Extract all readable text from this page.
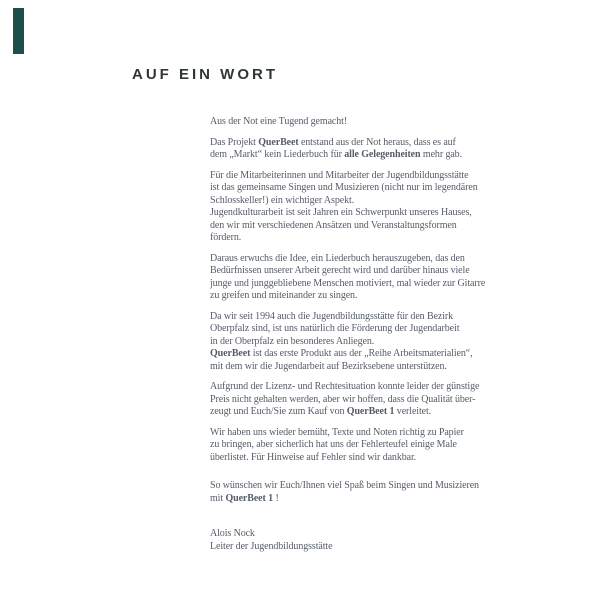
AUF EIN WORT
Aus der Not eine Tugend gemacht!
Das Projekt QuerBeet entstand aus der Not heraus, dass es auf
dem „Markt“ kein Liederbuch für alle Gelegenheiten mehr gab.
Für die Mitarbeiterinnen und Mitarbeiter der Jugendbildungsstätte
ist das gemeinsame Singen und Musizieren (nicht nur im legendären
Schlosskeller!) ein wichtiger Aspekt.
Jugendkulturarbeit ist seit Jahren ein Schwerpunkt unseres Hauses,
den wir mit verschiedenen Ansätzen und Veranstaltungsformen
fördern.
Daraus erwuchs die Idee, ein Liederbuch herauszugeben, das den
Bedürfnissen unserer Arbeit gerecht wird und darüber hinaus viele
junge und junggebliebene Menschen motiviert, mal wieder zur Gitarre
zu greifen und miteinander zu singen.
Da wir seit 1994 auch die Jugendbildungsstätte für den Bezirk
Oberpfalz sind, ist uns natürlich die Förderung der Jugendarbeit
in der Oberpfalz ein besonderes Anliegen.
QuerBeet ist das erste Produkt aus der „Reihe Arbeitsmaterialien“,
mit dem wir die Jugendarbeit auf Bezirksebene unterstützen.
Aufgrund der Lizenz- und Rechtesituation konnte leider der günstige
Preis nicht gehalten werden, aber wir hoffen, dass die Qualität über-
zeugt und Euch/Sie zum Kauf von QuerBeet 1 verleitet.
Wir haben uns wieder bemüht, Texte und Noten richtig zu Papier
zu bringen, aber sicherlich hat uns der Fehlerteufel einige Male
überlistet. Für Hinweise auf Fehler sind wir dankbar.
So wünschen wir Euch/Ihnen viel Spaß beim Singen und Musizieren
mit QuerBeet 1 !
Alois Nock
Leiter der Jugendbildungsstätte
